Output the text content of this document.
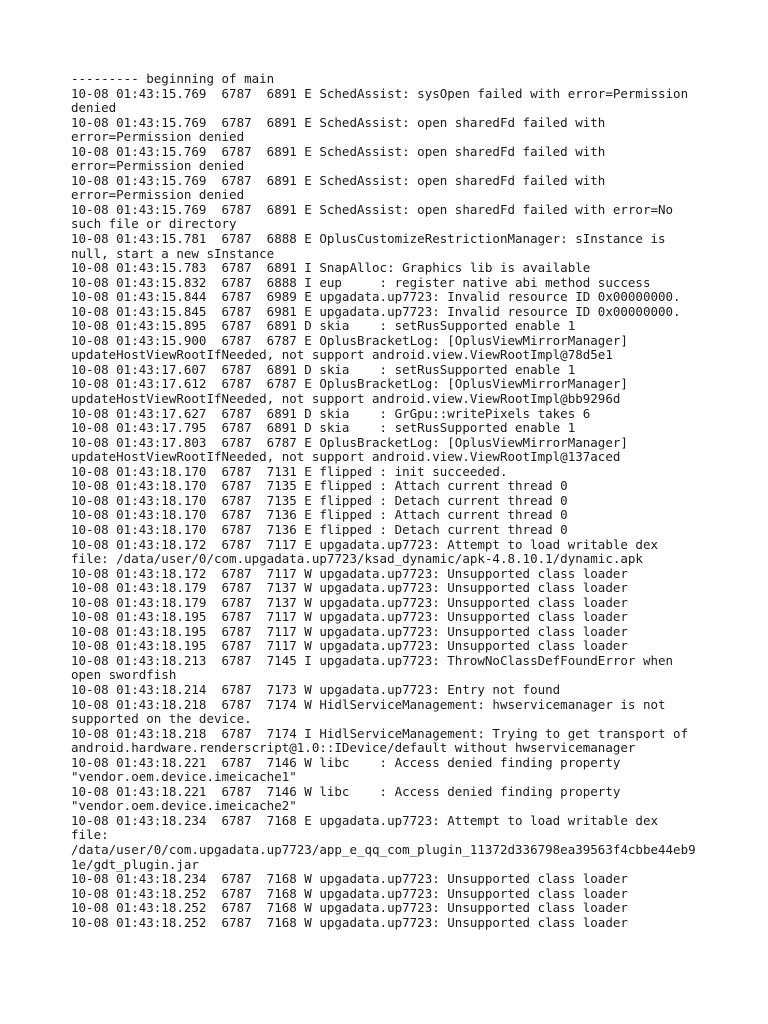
--------- beginning of main
10-08 01:43:15.769  6787  6891 E SchedAssist: sysOpen failed with error=Permission
denied
10-08 01:43:15.769  6787  6891 E SchedAssist: open sharedFd failed with
error=Permission denied
10-08 01:43:15.769  6787  6891 E SchedAssist: open sharedFd failed with
error=Permission denied
10-08 01:43:15.769  6787  6891 E SchedAssist: open sharedFd failed with
error=Permission denied
10-08 01:43:15.769  6787  6891 E SchedAssist: open sharedFd failed with error=No
such file or directory
10-08 01:43:15.781  6787  6888 E OplusCustomizeRestrictionManager: sInstance is
null, start a new sInstance
10-08 01:43:15.783  6787  6891 I SnapAlloc: Graphics lib is available
10-08 01:43:15.832  6787  6888 I eup     : register native abi method success
10-08 01:43:15.844  6787  6989 E upgadata.up7723: Invalid resource ID 0x00000000.
10-08 01:43:15.845  6787  6981 E upgadata.up7723: Invalid resource ID 0x00000000.
10-08 01:43:15.895  6787  6891 D skia    : setRusSupported enable 1
10-08 01:43:15.900  6787  6787 E OplusBracketLog: [OplusViewMirrorManager]
updateHostViewRootIfNeeded, not support android.view.ViewRootImpl@78d5e1
10-08 01:43:17.607  6787  6891 D skia    : setRusSupported enable 1
10-08 01:43:17.612  6787  6787 E OplusBracketLog: [OplusViewMirrorManager]
updateHostViewRootIfNeeded, not support android.view.ViewRootImpl@bb9296d
10-08 01:43:17.627  6787  6891 D skia    : GrGpu::writePixels takes 6
10-08 01:43:17.795  6787  6891 D skia    : setRusSupported enable 1
10-08 01:43:17.803  6787  6787 E OplusBracketLog: [OplusViewMirrorManager]
updateHostViewRootIfNeeded, not support android.view.ViewRootImpl@137aced
10-08 01:43:18.170  6787  7131 E flipped : init succeeded.
10-08 01:43:18.170  6787  7135 E flipped : Attach current thread 0
10-08 01:43:18.170  6787  7135 E flipped : Detach current thread 0
10-08 01:43:18.170  6787  7136 E flipped : Attach current thread 0
10-08 01:43:18.170  6787  7136 E flipped : Detach current thread 0
10-08 01:43:18.172  6787  7117 E upgadata.up7723: Attempt to load writable dex
file: /data/user/0/com.upgadata.up7723/ksad_dynamic/apk-4.8.10.1/dynamic.apk
10-08 01:43:18.172  6787  7117 W upgadata.up7723: Unsupported class loader
10-08 01:43:18.179  6787  7137 W upgadata.up7723: Unsupported class loader
10-08 01:43:18.179  6787  7137 W upgadata.up7723: Unsupported class loader
10-08 01:43:18.195  6787  7117 W upgadata.up7723: Unsupported class loader
10-08 01:43:18.195  6787  7117 W upgadata.up7723: Unsupported class loader
10-08 01:43:18.195  6787  7117 W upgadata.up7723: Unsupported class loader
10-08 01:43:18.213  6787  7145 I upgadata.up7723: ThrowNoClassDefFoundError when
open swordfish
10-08 01:43:18.214  6787  7173 W upgadata.up7723: Entry not found
10-08 01:43:18.218  6787  7174 W HidlServiceManagement: hwservicemanager is not
supported on the device.
10-08 01:43:18.218  6787  7174 I HidlServiceManagement: Trying to get transport of
android.hardware.renderscript@1.0::IDevice/default without hwservicemanager
10-08 01:43:18.221  6787  7146 W libc    : Access denied finding property
"vendor.oem.device.imeicache1"
10-08 01:43:18.221  6787  7146 W libc    : Access denied finding property
"vendor.oem.device.imeicache2"
10-08 01:43:18.234  6787  7168 E upgadata.up7723: Attempt to load writable dex
file:
/data/user/0/com.upgadata.up7723/app_e_qq_com_plugin_11372d336798ea39563f4cbbe44eb9
1e/gdt_plugin.jar
10-08 01:43:18.234  6787  7168 W upgadata.up7723: Unsupported class loader
10-08 01:43:18.252  6787  7168 W upgadata.up7723: Unsupported class loader
10-08 01:43:18.252  6787  7168 W upgadata.up7723: Unsupported class loader
10-08 01:43:18.252  6787  7168 W upgadata.up7723: Unsupported class loader
